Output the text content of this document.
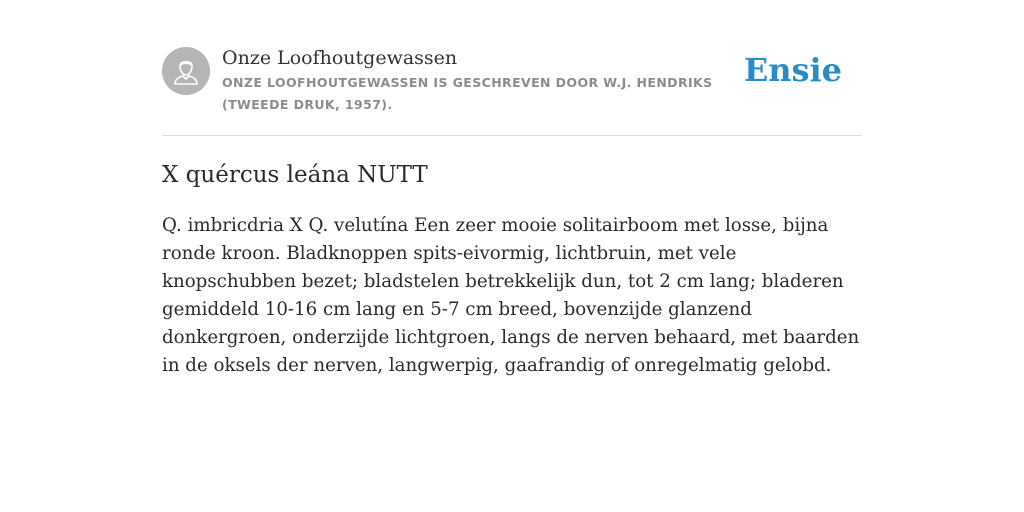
Onze Loofhoutgewassen
ONZE LOOFHOUTGEWASSEN IS GESCHREVEN DOOR W.J. HENDRIKS (TWEEDE DRUK, 1957).
Ensie
X quércus leána NUTT
Q. imbricdria X Q. velutína Een zeer mooie solitairboom met losse, bijna ronde kroon. Bladknoppen spits-eivormig, lichtbruin, met vele knopschubben bezet; bladstelen betrekkelijk dun, tot 2 cm lang; bladeren gemiddeld 10-16 cm lang en 5-7 cm breed, bovenzijde glanzend donkergroen, onderzijde lichtgroen, langs de nerven behaard, met baarden in de oksels der nerven, langwerpig, gaafrandig of onregelmatig gelobd.
